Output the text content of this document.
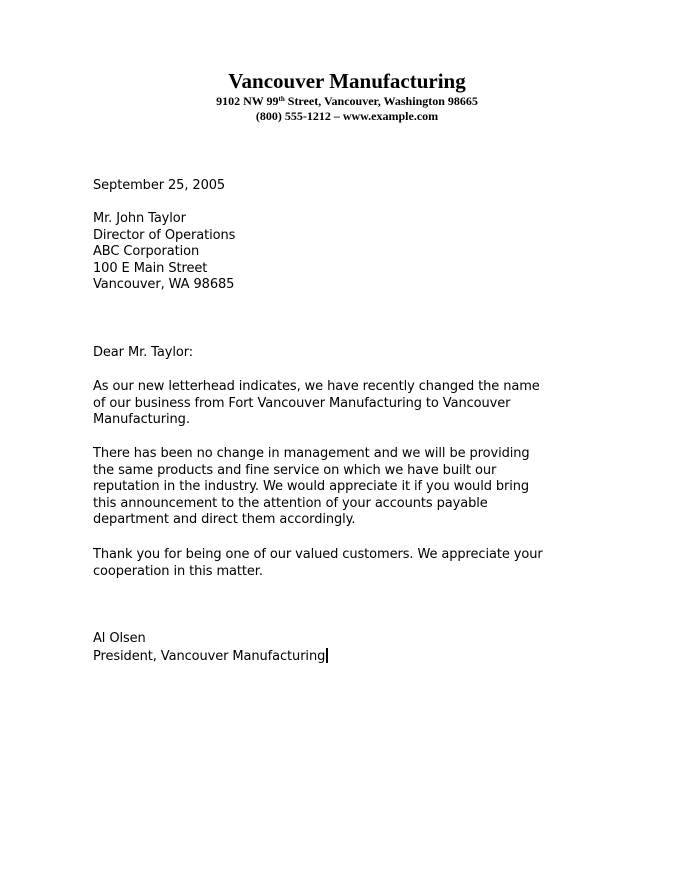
Vancouver Manufacturing
9102 NW 99th Street, Vancouver, Washington 98665
(800) 555-1212 – www.example.com
September 25, 2005
Mr. John Taylor
Director of Operations
ABC Corporation
100 E Main Street
Vancouver, WA 98685
Dear Mr. Taylor:
As our new letterhead indicates, we have recently changed the name
of our business from Fort Vancouver Manufacturing to Vancouver
Manufacturing.
There has been no change in management and we will be providing
the same products and fine service on which we have built our
reputation in the industry. We would appreciate it if you would bring
this announcement to the attention of your accounts payable
department and direct them accordingly.
Thank you for being one of our valued customers. We appreciate your
cooperation in this matter.
Al Olsen
President, Vancouver Manufacturing
